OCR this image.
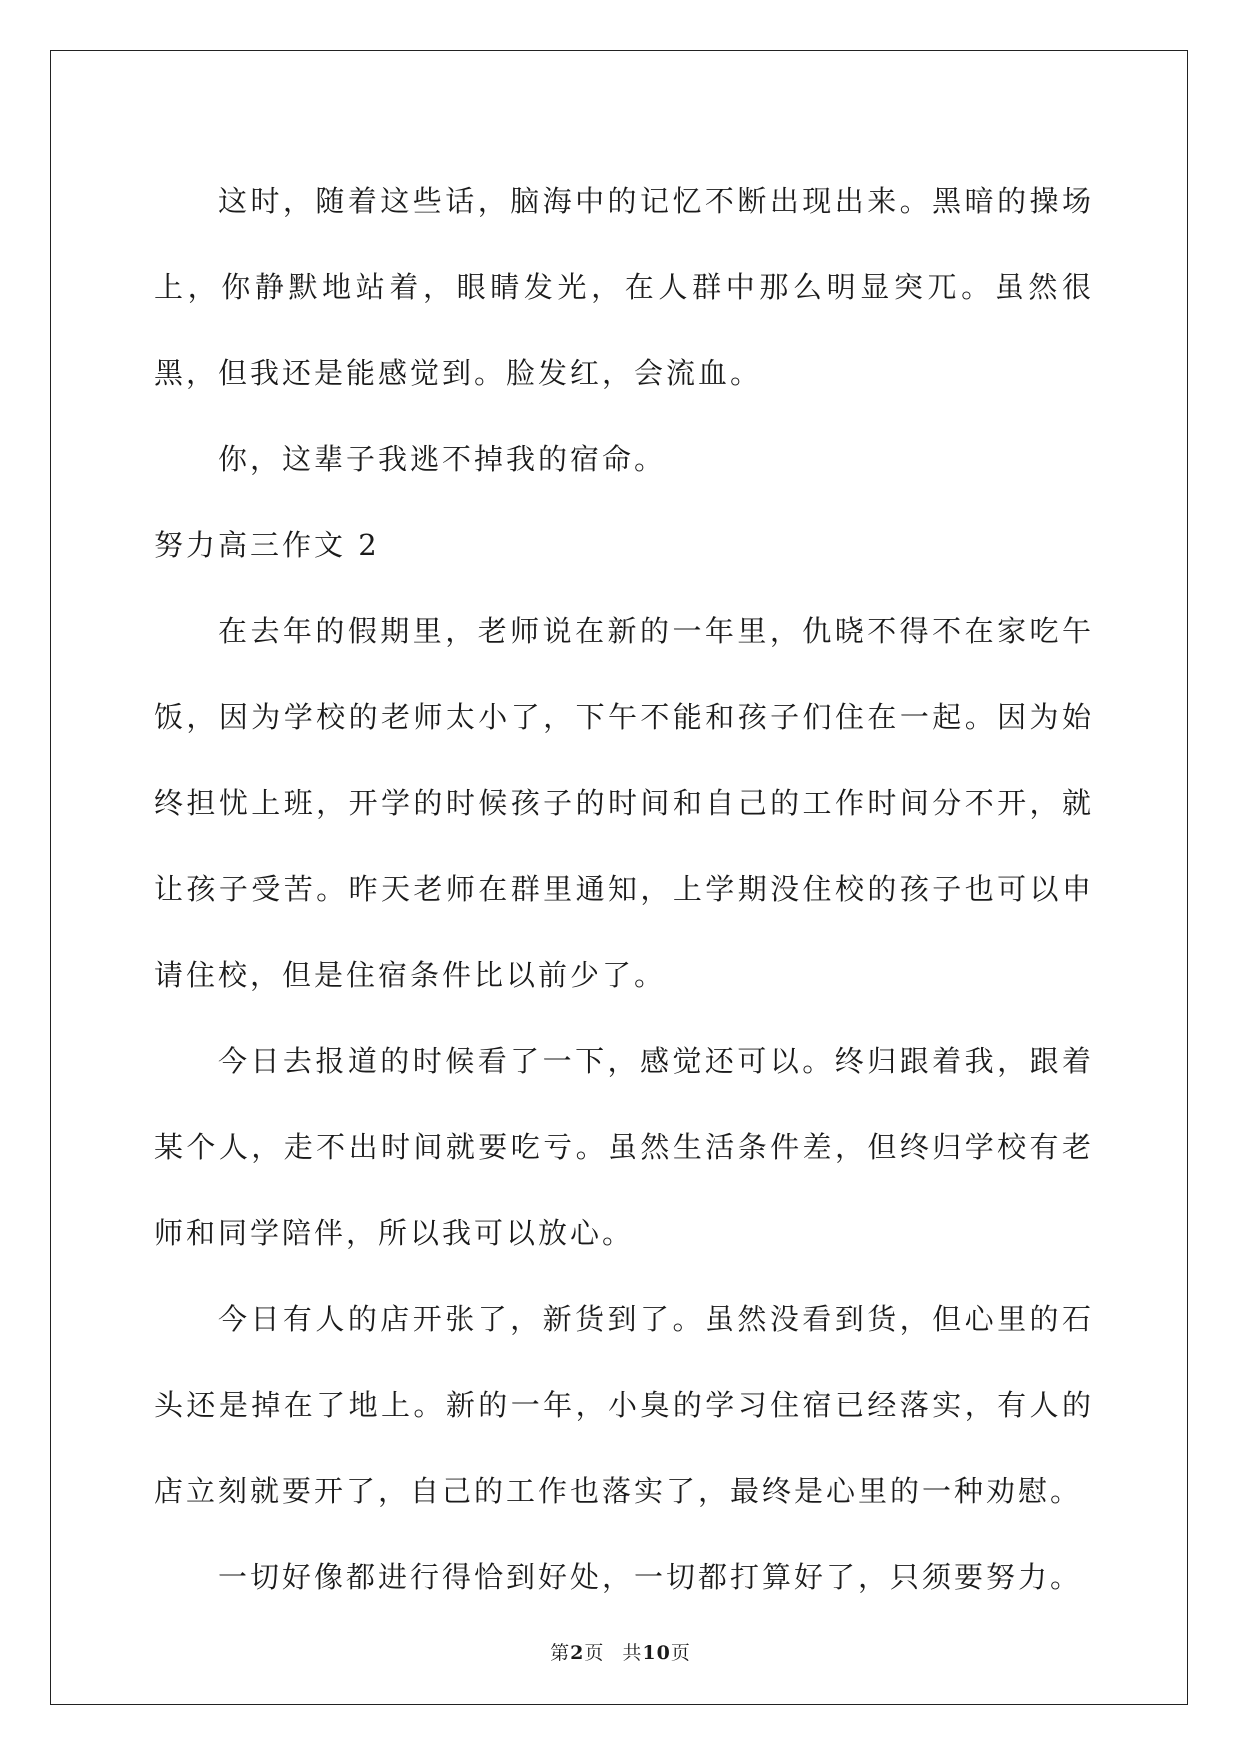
这时，随着这些话，脑海中的记忆不断出现出来。黑暗的操场上，你静默地站着，眼睛发光，在人群中那么明显突兀。虽然很黑，但我还是能感觉到。脸发红，会流血。

你，这辈子我逃不掉我的宿命。

努力高三作文 2

在去年的假期里，老师说在新的一年里，仇晓不得不在家吃午饭，因为学校的老师太小了，下午不能和孩子们住在一起。因为始终担忧上班，开学的时候孩子的时间和自己的工作时间分不开，就让孩子受苦。昨天老师在群里通知，上学期没住校的孩子也可以申请住校，但是住宿条件比以前少了。

今日去报道的时候看了一下，感觉还可以。终归跟着我，跟着某个人，走不出时间就要吃亏。虽然生活条件差，但终归学校有老师和同学陪伴，所以我可以放心。

今日有人的店开张了，新货到了。虽然没看到货，但心里的石头还是掉在了地上。新的一年，小臭的学习住宿已经落实，有人的店立刻就要开了，自己的工作也落实了，最终是心里的一种劝慰。

一切好像都进行得恰到好处，一切都打算好了，只须要努力。

第2页 共10页
